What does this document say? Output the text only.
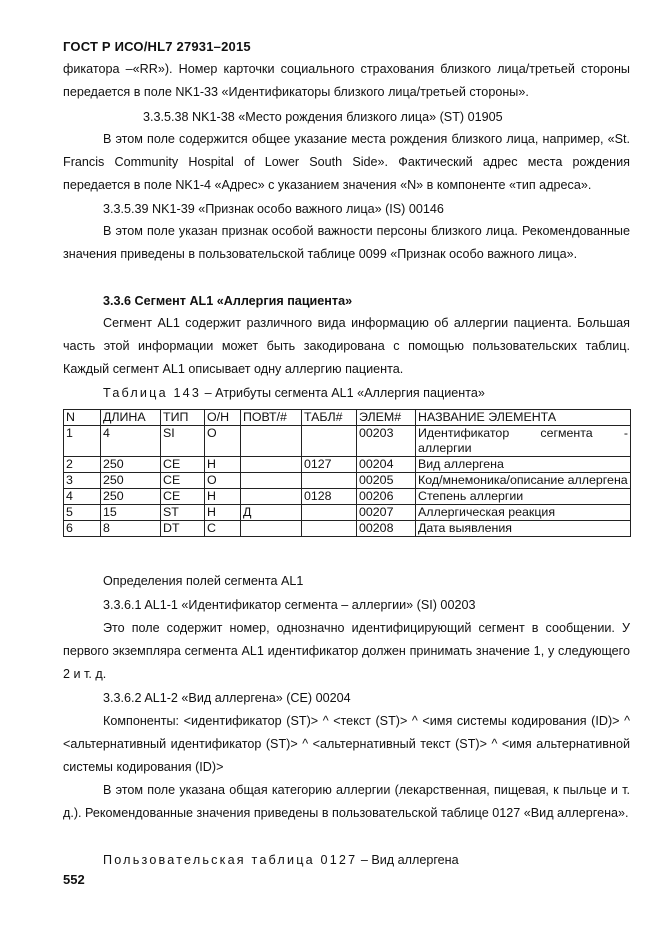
ГОСТ Р ИСО/HL7 27931–2015

фикатора –«RR»). Номер карточки социального страхования близкого лица/третьей стороны передается в поле NK1-33 «Идентификаторы близкого лица/третьей стороны».

3.3.5.38 NK1-38 «Место рождения близкого лица» (ST) 01905

В этом поле содержится общее указание места рождения близкого лица, например, «St. Francis Community Hospital of Lower South Side». Фактический адрес места рождения передается в поле NK1-4 «Адрес» с указанием значения «N» в компоненте «тип адреса».

3.3.5.39 NK1-39 «Признак особо важного лица» (IS) 00146

В этом поле указан признак особой важности персоны близкого лица. Рекомендованные значения приведены в пользовательской таблице 0099 «Признак особо важного лица».

3.3.6 Сегмент AL1 «Аллергия пациента»

Сегмент AL1 содержит различного вида информацию об аллергии пациента. Большая часть этой информации может быть закодирована с помощью пользовательских таблиц. Каждый сегмент AL1 описывает одну аллергию пациента.

Таблица 143 – Атрибуты сегмента AL1 «Аллергия пациента»
N	ДЛИНА	ТИП	О/Н	ПОВТ/#	ТАБЛ#	ЭЛЕМ#	НАЗВАНИЕ ЭЛЕМЕНТА
1	4	SI	О			00203	Идентификатор сегмента - аллергии
2	250	CE	Н		0127	00204	Вид аллергена
3	250	CE	О			00205	Код/мнемоника/описание аллергена
4	250	CE	Н		0128	00206	Степень аллергии
5	15	ST	Н	Д		00207	Аллергическая реакция
6	8	DT	С			00208	Дата выявления
Определения полей сегмента AL1
3.3.6.1 AL1-1 «Идентификатор сегмента – аллергии» (SI) 00203

Это поле содержит номер, однозначно идентифицирующий сегмент в сообщении. У первого экземпляра сегмента AL1 идентификатор должен принимать значение 1, у следующего 2 и т. д.

3.3.6.2 AL1-2 «Вид аллергена» (CE) 00204

Компоненты: <идентификатор (ST)> ^ <текст (ST)> ^ <имя системы кодирования (ID)> ^ <альтернативный идентификатор (ST)> ^ <альтернативный текст (ST)> ^ <имя альтернативной системы кодирования (ID)>

В этом поле указана общая категорию аллергии (лекарственная, пищевая, к пыльце и т. д.). Рекомендованные значения приведены в пользовательской таблице 0127 «Вид аллергена».

Пользовательская таблица 0127 – Вид аллергена
552
